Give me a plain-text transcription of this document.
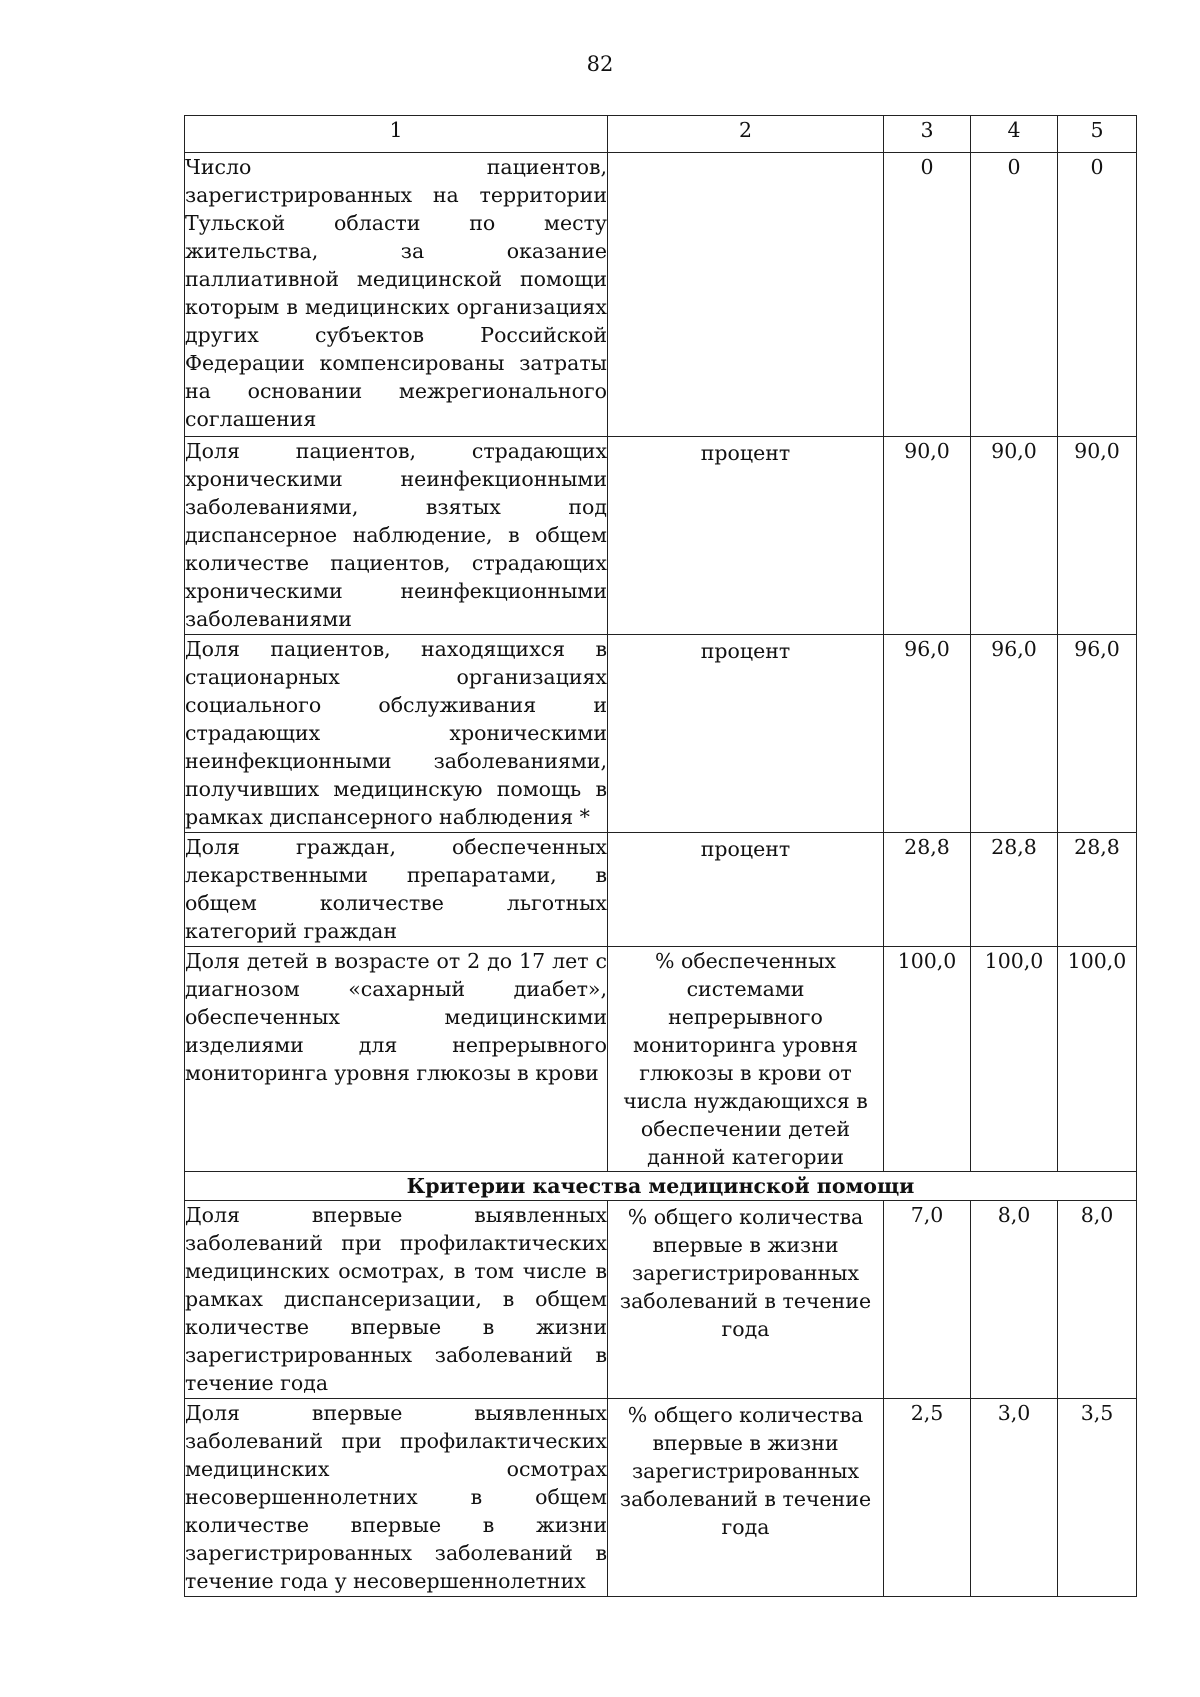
82
1	2	3	4	5
Число пациентов, зарегистрированных на территории Тульской области по месту жительства, за оказание паллиативной медицинской помощи которым в медицинских организациях других субъектов Российской Федерации компенсированы затраты на основании межрегионального соглашения		0	0	0
Доля пациентов, страдающих хроническими неинфекционными заболеваниями, взятых под диспансерное наблюдение, в общем количестве пациентов, страдающих хроническими неинфекционными заболеваниями	процент	90,0	90,0	90,0
Доля пациентов, находящихся в стационарных организациях социального обслуживания и страдающих хроническими неинфекционными заболеваниями, получивших медицинскую помощь в рамках диспансерного наблюдения *	процент	96,0	96,0	96,0
Доля граждан, обеспеченных лекарственными препаратами, в общем количестве льготных категорий граждан	процент	28,8	28,8	28,8
Доля детей в возрасте от 2 до 17 лет с диагнозом «сахарный диабет», обеспеченных медицинскими изделиями для непрерывного мониторинга уровня глюкозы в крови	% обеспеченных системами непрерывного мониторинга уровня глюкозы в крови от числа нуждающихся в обеспечении детей данной категории	100,0	100,0	100,0
Критерии качества медицинской помощи				
Доля впервые выявленных заболеваний при профилактических медицинских осмотрах, в том числе в рамках диспансеризации, в общем количестве впервые в жизни зарегистрированных заболеваний в течение года	% общего количества впервые в жизни зарегистрированных заболеваний в течение года	7,0	8,0	8,0
Доля впервые выявленных заболеваний при профилактических медицинских осмотрах несовершеннолетних в общем количестве впервые в жизни зарегистрированных заболеваний в течение года у несовершеннолетних	% общего количества впервые в жизни зарегистрированных заболеваний в течение года	2,5	3,0	3,5
